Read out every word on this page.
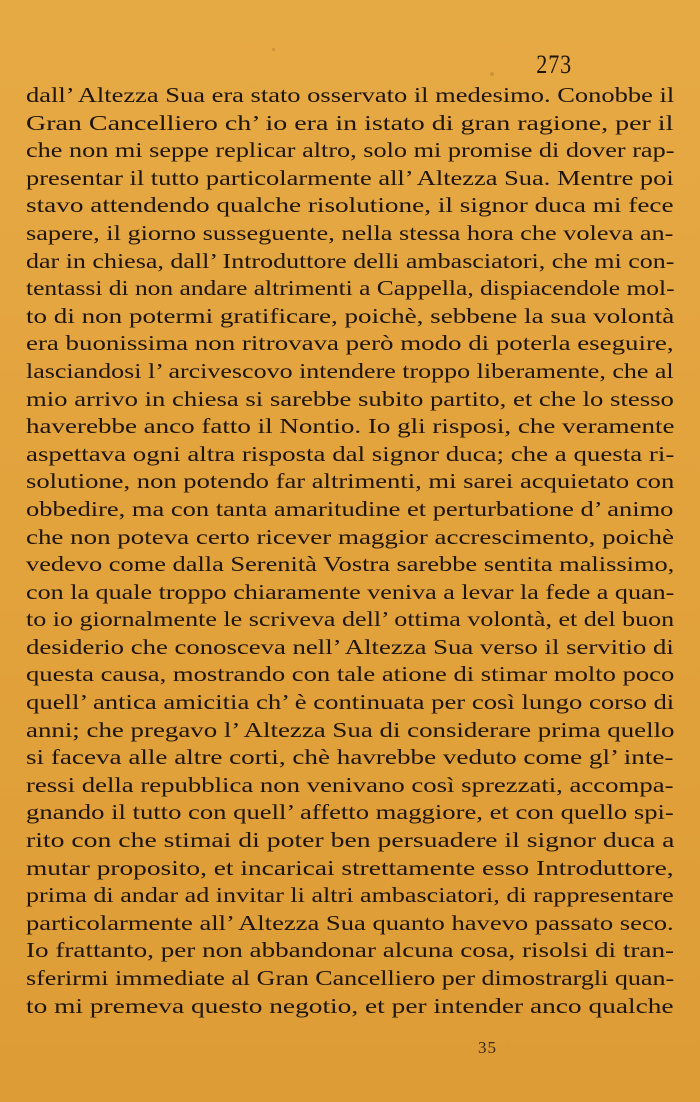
273
dall’ Altezza Sua era stato osservato il medesimo. Conobbe il
Gran Cancelliero ch’ io era in istato di gran ragione, per il
che non mi seppe replicar altro, solo mi promise di dover rap-
presentar il tutto particolarmente all’ Altezza Sua. Mentre poi
stavo attendendo qualche risolutione, il signor duca mi fece
sapere, il giorno susseguente, nella stessa hora che voleva an-
dar in chiesa, dall’ Introduttore delli ambasciatori, che mi con-
tentassi di non andare altrimenti a Cappella, dispiacendole mol-
to di non potermi gratificare, poichè, sebbene la sua volontà
era buonissima non ritrovava però modo di poterla eseguire,
lasciandosi l’ arcivescovo intendere troppo liberamente, che al
mio arrivo in chiesa si sarebbe subito partito, et che lo stesso
haverebbe anco fatto il Nontio. Io gli risposi, che veramente
aspettava ogni altra risposta dal signor duca; che a questa ri-
solutione, non potendo far altrimenti, mi sarei acquietato con
obbedire, ma con tanta amaritudine et perturbatione d’ animo
che non poteva certo ricever maggior accrescimento, poichè
vedevo come dalla Serenità Vostra sarebbe sentita malissimo,
con la quale troppo chiaramente veniva a levar la fede a quan-
to io giornalmente le scriveva dell’ ottima volontà, et del buon
desiderio che conosceva nell’ Altezza Sua verso il servitio di
questa causa, mostrando con tale atione di stimar molto poco
quell’ antica amicitia ch’ è continuata per così lungo corso di
anni; che pregavo l’ Altezza Sua di considerare prima quello
si faceva alle altre corti, chè havrebbe veduto come gl’ inte-
ressi della repubblica non venivano così sprezzati, accompa-
gnando il tutto con quell’ affetto maggiore, et con quello spi-
rito con che stimai di poter ben persuadere il signor duca a
mutar proposito, et incaricai strettamente esso Introduttore,
prima di andar ad invitar li altri ambasciatori, di rappresentare
particolarmente all’ Altezza Sua quanto havevo passato seco.
Io frattanto, per non abbandonar alcuna cosa, risolsi di tran-
sferirmi immediate al Gran Cancelliero per dimostrargli quan-
to mi premeva questo negotio, et per intender anco qualche
35
